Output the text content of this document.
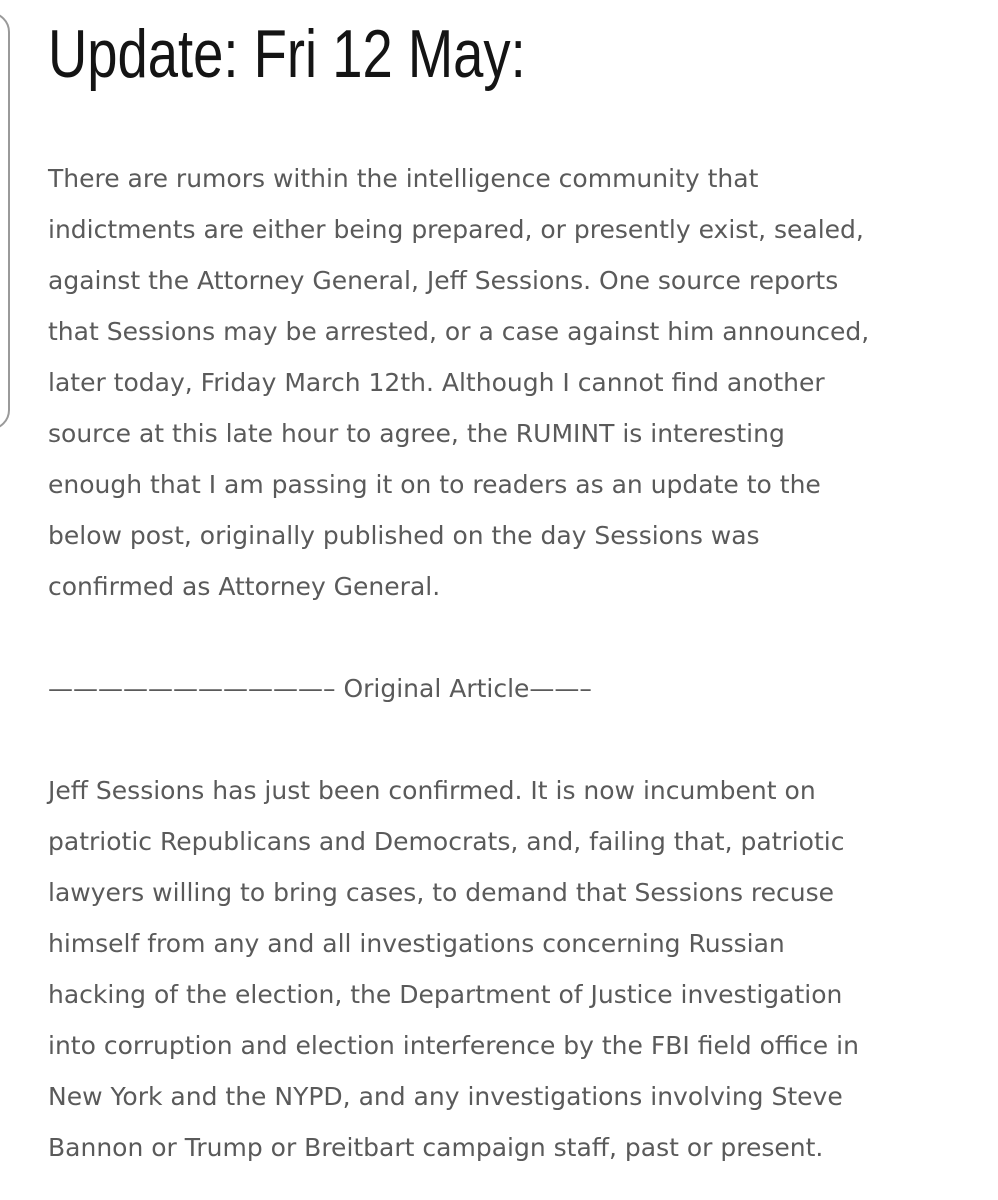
Update: Fri 12 May:
There are rumors within the intelligence community that
indictments are either being prepared, or presently exist, sealed,
against the Attorney General, Jeff Sessions. One source reports
that Sessions may be arrested, or a case against him announced,
later today, Friday March 12th. Although I cannot find another
source at this late hour to agree, the RUMINT is interesting
enough that I am passing it on to readers as an update to the
below post, originally published on the day Sessions was
confirmed as Attorney General.
———————————– Original Article——–
Jeff Sessions has just been confirmed. It is now incumbent on
patriotic Republicans and Democrats, and, failing that, patriotic
lawyers willing to bring cases, to demand that Sessions recuse
himself from any and all investigations concerning Russian
hacking of the election, the Department of Justice investigation
into corruption and election interference by the FBI field office in
New York and the NYPD, and any investigations involving Steve
Bannon or Trump or Breitbart campaign staff, past or present.
